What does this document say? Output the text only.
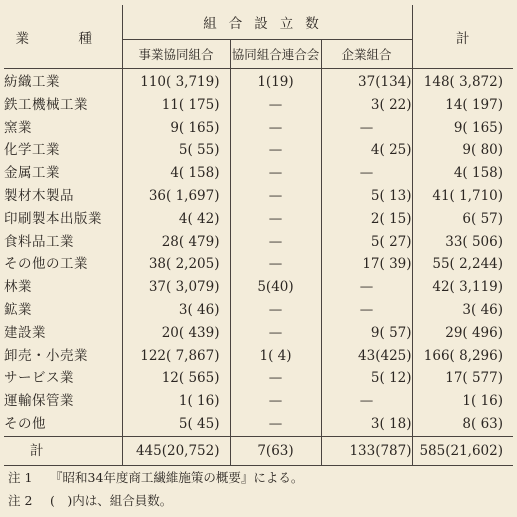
業　種	組合設立数			計
	事業協同組合	協同組合連合会	企業組合	
紡織工業	110( 3,719)	1(19)	37(134)	148( 3,872)
鉄工機械工業	11( 175)	—	3( 22)	14( 197)
窯業	9( 165)	—	—	9( 165)
化学工業	5( 55)	—	4( 25)	9( 80)
金属工業	4( 158)	—	—	4( 158)
製材木製品	36( 1,697)	—	5( 13)	41( 1,710)
印刷製本出版業	4( 42)	—	2( 15)	6( 57)
食料品工業	28( 479)	—	5( 27)	33( 506)
その他の工業	38( 2,205)	—	17( 39)	55( 2,244)
林業	37( 3,079)	5(40)	—	42( 3,119)
鉱業	3( 46)	—	—	3( 46)
建設業	20( 439)	—	9( 57)	29( 496)
卸売・小売業	122( 7,867)	1( 4)	43(425)	166( 8,296)
サービス業	12( 565)	—	5( 12)	17( 577)
運輸保管業	1( 16)	—	—	1( 16)
その他	5( 45)	—	3( 18)	8( 63)
計	445(20,752)	7(63)	133(787)	585(21,602)
注 1 『昭和34年度商工繊維施策の概要』による。
注 2 (　)内は、組合員数。
